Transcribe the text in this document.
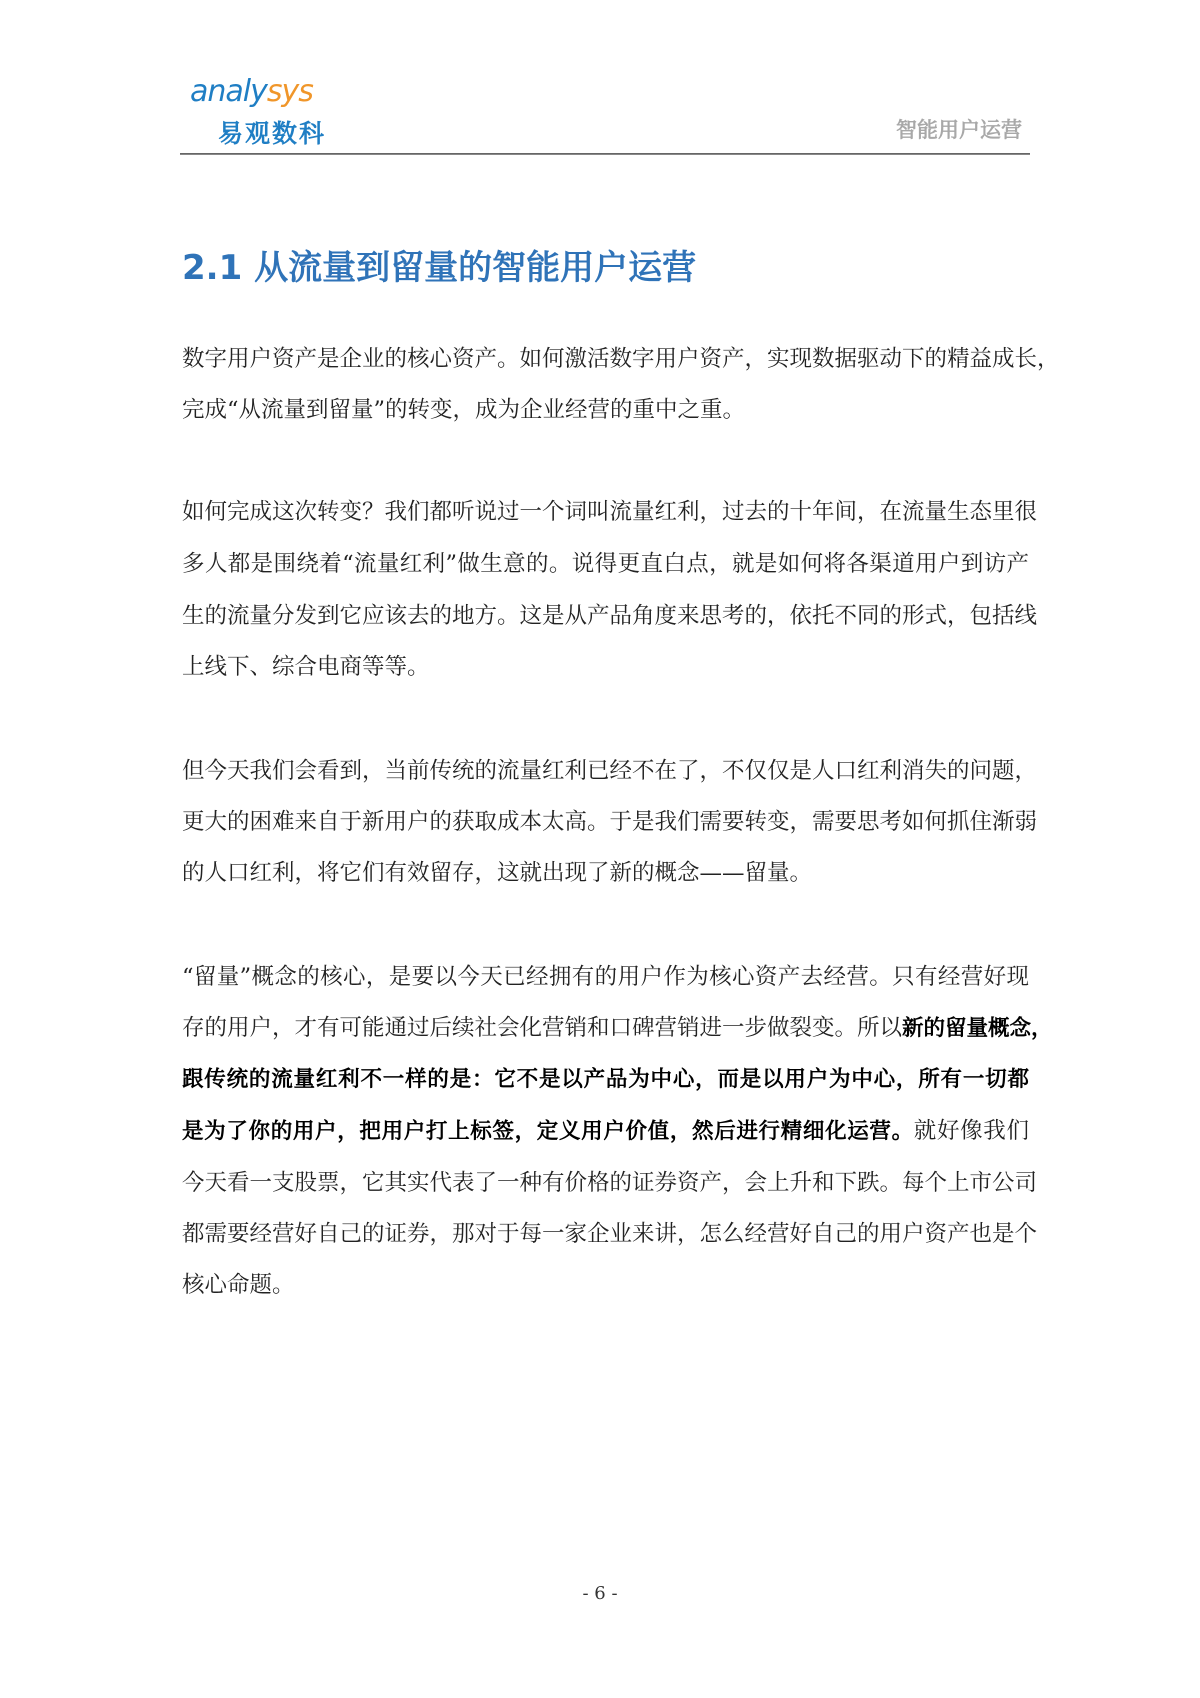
analysys
易观数科	智能用户运营
2.1 从流量到留量的智能用户运营
数字用户资产是企业的核心资产。如何激活数字用户资产，实现数据驱动下的精益成长，
完成“从流量到留量”的转变，成为企业经营的重中之重。
如何完成这次转变？我们都听说过一个词叫流量红利，过去的十年间，在流量生态里很
多人都是围绕着“流量红利”做生意的。说得更直白点，就是如何将各渠道用户到访产
生的流量分发到它应该去的地方。这是从产品角度来思考的，依托不同的形式，包括线
上线下、综合电商等等。
但今天我们会看到，当前传统的流量红利已经不在了，不仅仅是人口红利消失的问题，
更大的困难来自于新用户的获取成本太高。于是我们需要转变，需要思考如何抓住渐弱
的人口红利，将它们有效留存，这就出现了新的概念——留量。
“留量”概念的核心，是要以今天已经拥有的用户作为核心资产去经营。只有经营好现
存的用户，才有可能通过后续社会化营销和口碑营销进一步做裂变。所以新的留量概念，
跟传统的流量红利不一样的是：它不是以产品为中心，而是以用户为中心，所有一切都
是为了你的用户，把用户打上标签，定义用户价值，然后进行精细化运营。就好像我们
今天看一支股票，它其实代表了一种有价格的证券资产，会上升和下跌。每个上市公司
都需要经营好自己的证券，那对于每一家企业来讲，怎么经营好自己的用户资产也是个
核心命题。
- 6 -
